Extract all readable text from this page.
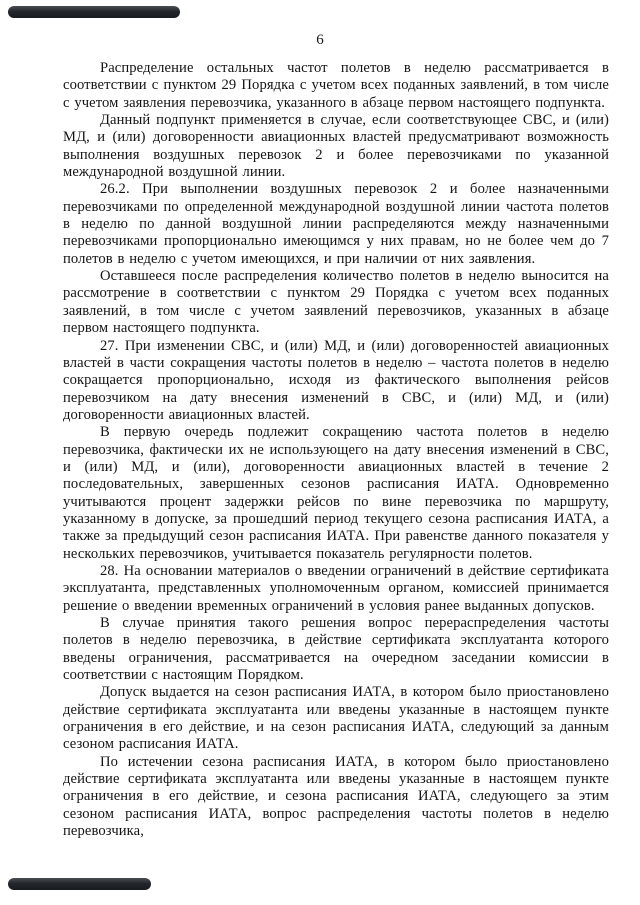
6

Распределение остальных частот полетов в неделю рассматривается в соответствии с пунктом 29 Порядка с учетом всех поданных заявлений, в том числе с учетом заявления перевозчика, указанного в абзаце первом настоящего подпункта.

Данный подпункт применяется в случае, если соответствующее СВС, и (или) МД, и (или) договоренности авиационных властей предусматривают возможность выполнения воздушных перевозок 2 и более перевозчиками по указанной международной воздушной линии.

26.2. При выполнении воздушных перевозок 2 и более назначенными перевозчиками по определенной международной воздушной линии частота полетов в неделю по данной воздушной линии распределяются между назначенными перевозчиками пропорционально имеющимся у них правам, но не более чем до 7 полетов в неделю с учетом имеющихся, и при наличии от них заявления.

Оставшееся после распределения количество полетов в неделю выносится на рассмотрение в соответствии с пунктом 29 Порядка с учетом всех поданных заявлений, в том числе с учетом заявлений перевозчиков, указанных в абзаце первом настоящего подпункта.

27. При изменении СВС, и (или) МД, и (или) договоренностей авиационных властей в части сокращения частоты полетов в неделю – частота полетов в неделю сокращается пропорционально, исходя из фактического выполнения рейсов перевозчиком на дату внесения изменений в СВС, и (или) МД, и (или) договоренности авиационных властей.

В первую очередь подлежит сокращению частота полетов в неделю перевозчика, фактически их не использующего на дату внесения изменений в СВС, и (или) МД, и (или), договоренности авиационных властей в течение 2 последовательных, завершенных сезонов расписания ИАТА. Одновременно учитываются процент задержки рейсов по вине перевозчика по маршруту, указанному в допуске, за прошедший период текущего сезона расписания ИАТА, а также за предыдущий сезон расписания ИАТА. При равенстве данного показателя у нескольких перевозчиков, учитывается показатель регулярности полетов.

28. На основании материалов о введении ограничений в действие сертификата эксплуатанта, представленных уполномоченным органом, комиссией принимается решение о введении временных ограничений в условия ранее выданных допусков.

В случае принятия такого решения вопрос перераспределения частоты полетов в неделю перевозчика, в действие сертификата эксплуатанта которого введены ограничения, рассматривается на очередном заседании комиссии в соответствии с настоящим Порядком.

Допуск выдается на сезон расписания ИАТА, в котором было приостановлено действие сертификата эксплуатанта или введены указанные в настоящем пункте ограничения в его действие, и на сезон расписания ИАТА, следующий за данным сезоном расписания ИАТА.

По истечении сезона расписания ИАТА, в котором было приостановлено действие сертификата эксплуатанта или введены указанные в настоящем пункте ограничения в его действие, и сезона расписания ИАТА, следующего за этим сезоном расписания ИАТА, вопрос распределения частоты полетов в неделю перевозчика,
